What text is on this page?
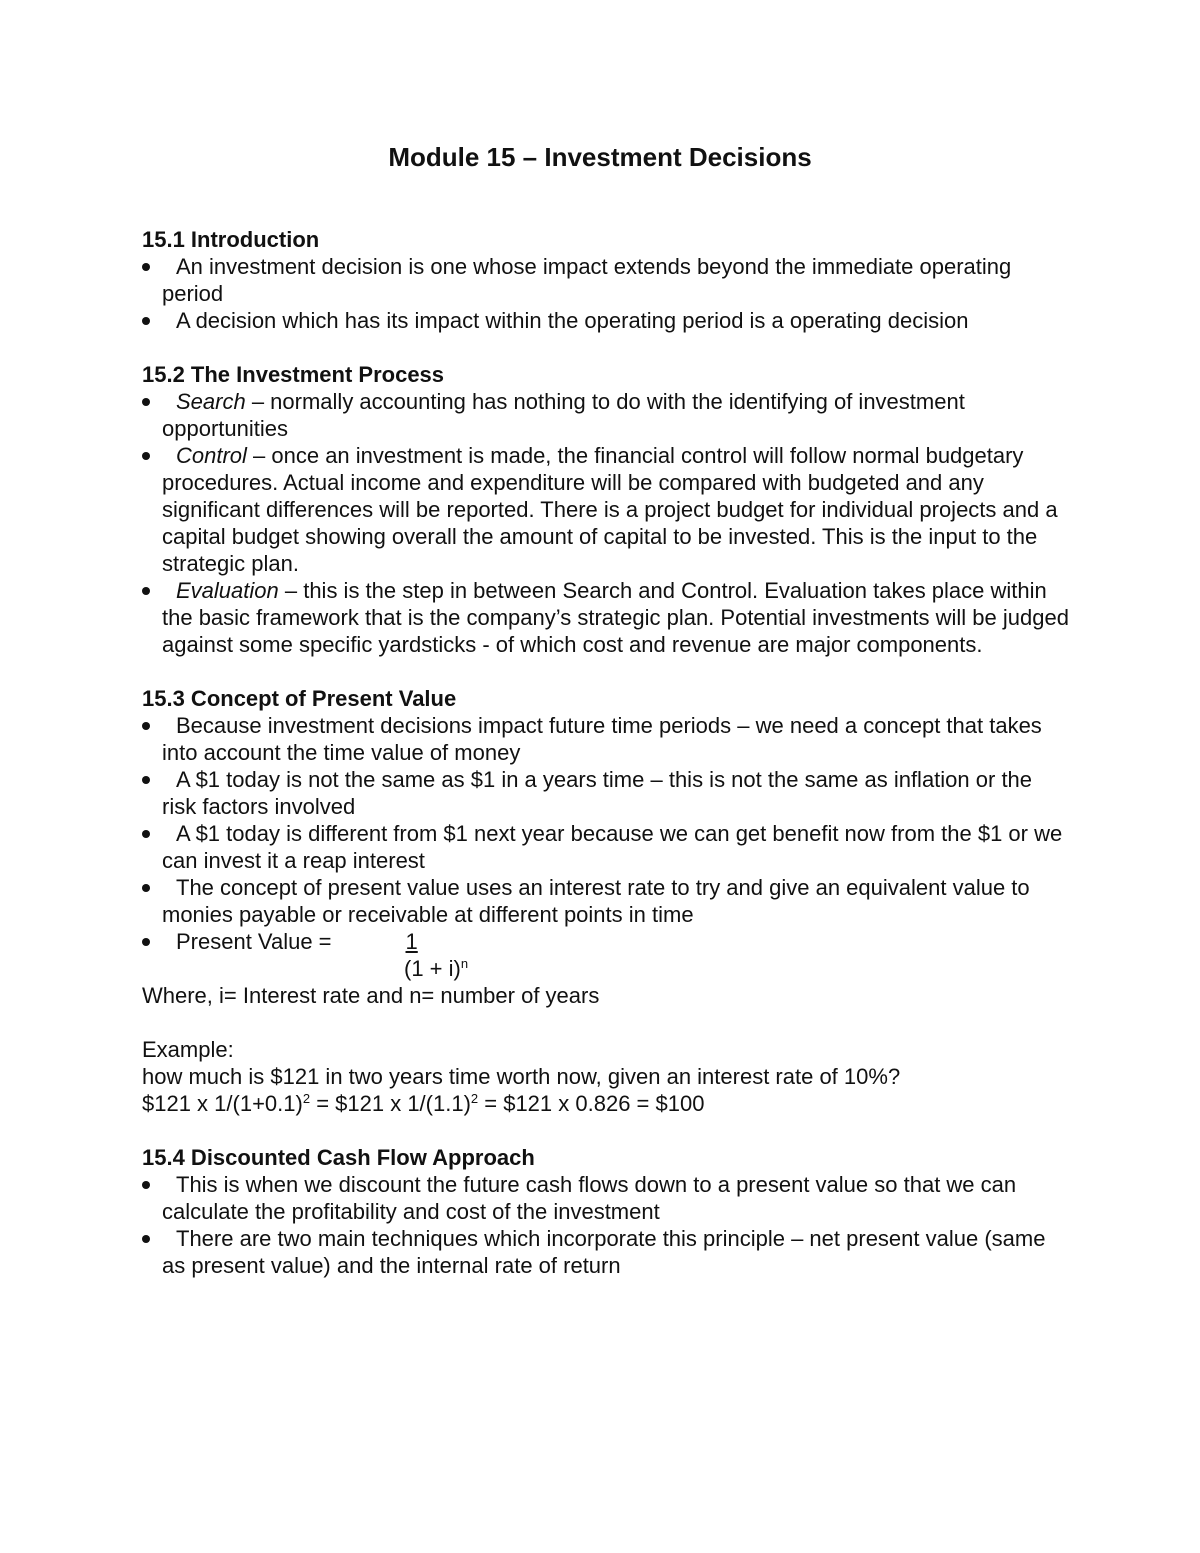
Module 15 – Investment Decisions

15.1 Introduction

An investment decision is one whose impact extends beyond the immediate operating period
A decision which has its impact within the operating period is a operating decision

15.2 The Investment Process

Search – normally accounting has nothing to do with the identifying of investment opportunities
Control – once an investment is made, the financial control will follow normal budgetary procedures. Actual income and expenditure will be compared with budgeted and any significant differences will be reported. There is a project budget for individual projects and a capital budget showing overall the amount of capital to be invested. This is the input to the strategic plan.
Evaluation – this is the step in between Search and Control. Evaluation takes place within the basic framework that is the company’s strategic plan. Potential investments will be judged against some specific yardsticks - of which cost and revenue are major components.

15.3 Concept of Present Value

Because investment decisions impact future time periods – we need a concept that takes into account the time value of money
A $1 today is not the same as $1 in a years time – this is not the same as inflation or the risk factors involved
A $1 today is different from $1 next year because we can get benefit now from the $1 or we can invest it a reap interest
The concept of present value uses an interest rate to try and give an equivalent value to monies payable or receivable at different points in time
Present Value =	1

$(1 + i)^n$

Where, i= Interest rate and n= number of years

Example:

how much is $121 in two years time worth now, given an interest rate of 10%?

$121 x $1/(1+0.1)^2$ = $121 x $1/(1.1)^2$ = $121 x 0.826 = $100

15.4 Discounted Cash Flow Approach

This is when we discount the future cash flows down to a present value so that we can calculate the profitability and cost of the investment
There are two main techniques which incorporate this principle – net present value (same as present value) and the internal rate of return
